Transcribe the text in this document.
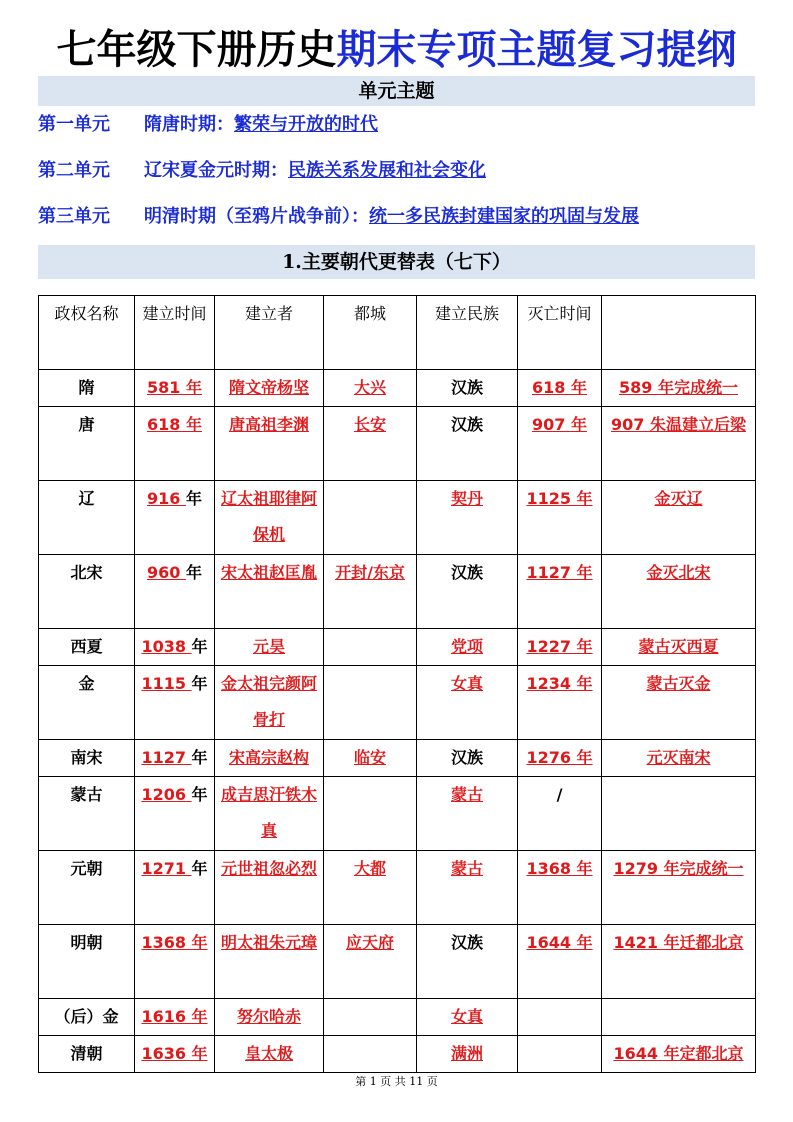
七年级下册历史期末专项主题复习提纲
单元主题
第一单元 隋唐时期：繁荣与开放的时代
第二单元 辽宋夏金元时期：民族关系发展和社会变化
第三单元 明清时期（至鸦片战争前）：统一多民族封建国家的巩固与发展
1.主要朝代更替表（七下）
政权名称	建立时间	建立者	都城	建立民族	灭亡时间	
隋	581 年	隋文帝杨坚	大兴	汉族	618 年	589 年完成统一
唐	618 年	唐高祖李渊	长安	汉族	907 年	907 朱温建立后梁
辽	916 年	辽太祖耶律阿保机		契丹	1125 年	金灭辽
北宋	960 年	宋太祖赵匡胤	开封/东京	汉族	1127 年	金灭北宋
西夏	1038 年	元昊		党项	1227 年	蒙古灭西夏
金	1115 年	金太祖完颜阿骨打		女真	1234 年	蒙古灭金
南宋	1127 年	宋高宗赵构	临安	汉族	1276 年	元灭南宋
蒙古	1206 年	成吉思汗铁木真		蒙古	/	
元朝	1271 年	元世祖忽必烈	大都	蒙古	1368 年	1279 年完成统一
明朝	1368 年	明太祖朱元璋	应天府	汉族	1644 年	1421 年迁都北京
（后）金	1616 年	努尔哈赤		女真		
清朝	1636 年	皇太极		满洲		1644 年定都北京
第 1 页 共 11 页
